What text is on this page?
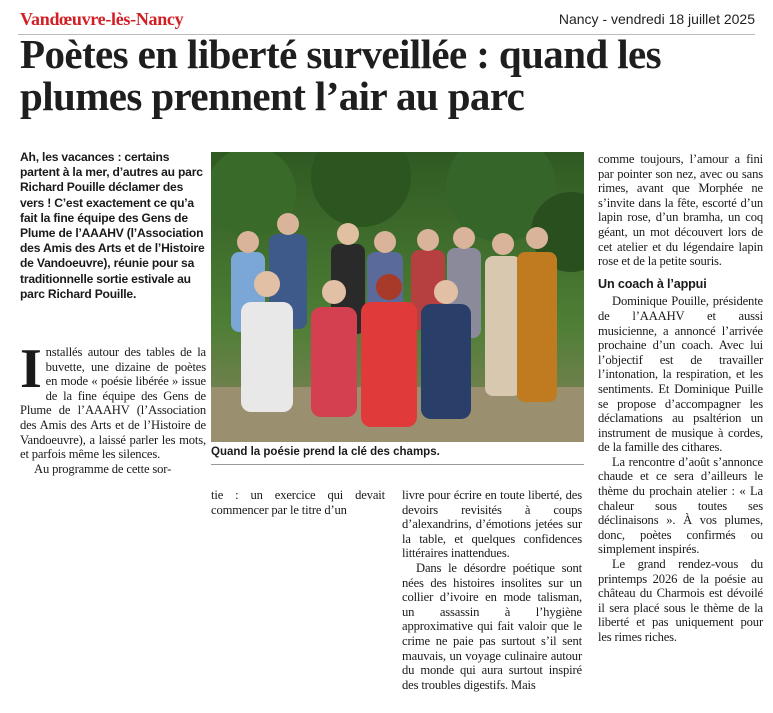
Vandœuvre-lès-Nancy	Nancy - vendredi 18 juillet 2025
Poètes en liberté surveillée : quand les plumes prennent l’air au parc

Ah, les vacances : certains partent à la mer, d’autres au parc Richard Pouille déclamer des vers ! C’est exactement ce qu’a fait la fine équipe des Gens de Plume de l’AAAHV (l’Association des Amis des Arts et de l’Histoire de Vandoeuvre), réunie pour sa traditionnelle sortie estivale au parc Richard Pouille.

I nstallés autour des tables de la buvette, une dizaine de poètes en mode « poésie libérée » issue de la fine équipe des Gens de Plume de l’AAAHV (l’Association des Amis des Arts et de l’Histoire de Vandoeuvre), a laissé parler les mots, et parfois même les silences.

Au programme de cette sor-

Quand la poésie prend la clé des champs.

tie : un exercice qui devait commencer par le titre d’un

livre pour écrire en toute liberté, des devoirs revisités à coups d’alexandrins, d’émotions jetées sur la table, et quelques confidences littéraires inattendues.

Dans le désordre poétique sont nées des histoires insolites sur un collier d’ivoire en mode talisman, un assassin à l’hygiène approximative qui fait valoir que le crime ne paie pas surtout s’il sent mauvais, un voyage culinaire autour du monde qui aura surtout inspiré des troubles digestifs. Mais

comme toujours, l’amour a fini par pointer son nez, avec ou sans rimes, avant que Morphée ne s’invite dans la fête, escorté d’un lapin rose, d’un bramha, un coq géant, un mot découvert lors de cet atelier et du légendaire lapin rose et de la petite souris.

Un coach à l’appui

Dominique Pouille, présidente de l’AAAHV et aussi musicienne, a annoncé l’arrivée prochaine d’un coach. Avec lui l’objectif est de travailler l’intonation, la respiration, et les sentiments. Et Dominique Puille se propose d’accompagner les déclamations au psaltérion un instrument de musique à cordes, de la famille des cithares.

La rencontre d’août s’annonce chaude et ce sera d’ailleurs le thème du prochain atelier : « La chaleur sous toutes ses déclinaisons ». À vos plumes, donc, poètes confirmés ou simplement inspirés.

Le grand rendez-vous du printemps 2026 de la poésie au château du Charmois est dévoilé il sera placé sous le thème de la liberté et pas uniquement pour les rimes riches.
